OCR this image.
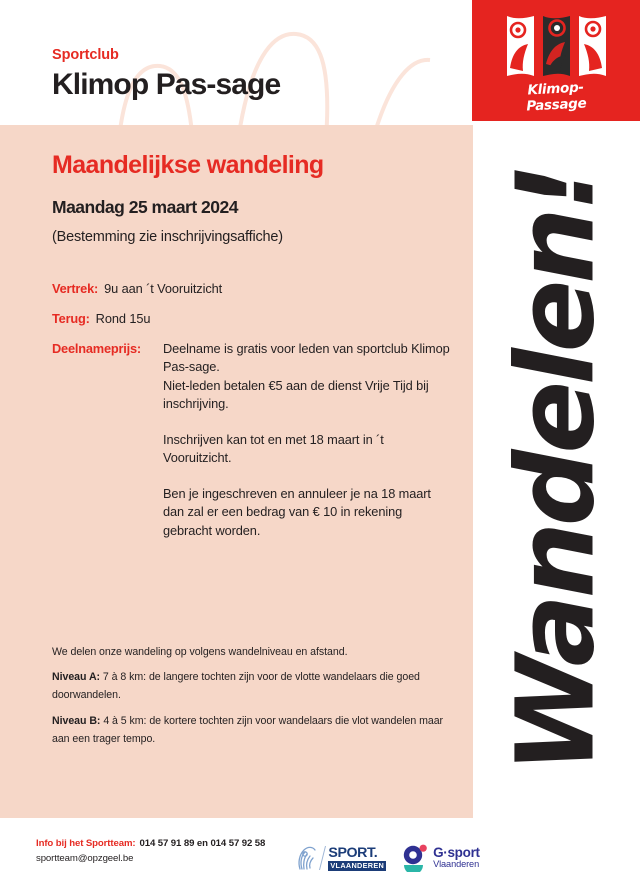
Sportclub
Klimop Pas-sage	Klimop-Passage
Maandelijkse wandeling
Maandag 25 maart 2024
(Bestemming zie inschrijvingsaffiche)
Vertrek: 9u aan ´t Vooruitzicht
Terug: Rond 15u
Deelnameprijs:	Deelname is gratis voor leden van sportclub Klimop Pas-sage.
Niet-leden betalen €5 aan de dienst Vrije Tijd bij inschrijving.

Inschrijven kan tot en met 18 maart in ´t Vooruitzicht.

Ben je ingeschreven en annuleer je na 18 maart dan zal er een bedrag van € 10 in rekening gebracht worden.

We delen onze wandeling op volgens wandelniveau en afstand.

Niveau A: 7 à 8 km: de langere tochten zijn voor de vlotte wandelaars die goed doorwandelen.

Niveau B: 4 à 5 km: de kortere tochten zijn voor wandelaars die vlot wandelen maar aan een trager tempo.	Wandelen!
Info bij het Sportteam: 014 57 91 89 en 014 57 92 58
sportteam@opzgeel.be	SPORT.
VLAANDEREN
G·sport
Vlaanderen
